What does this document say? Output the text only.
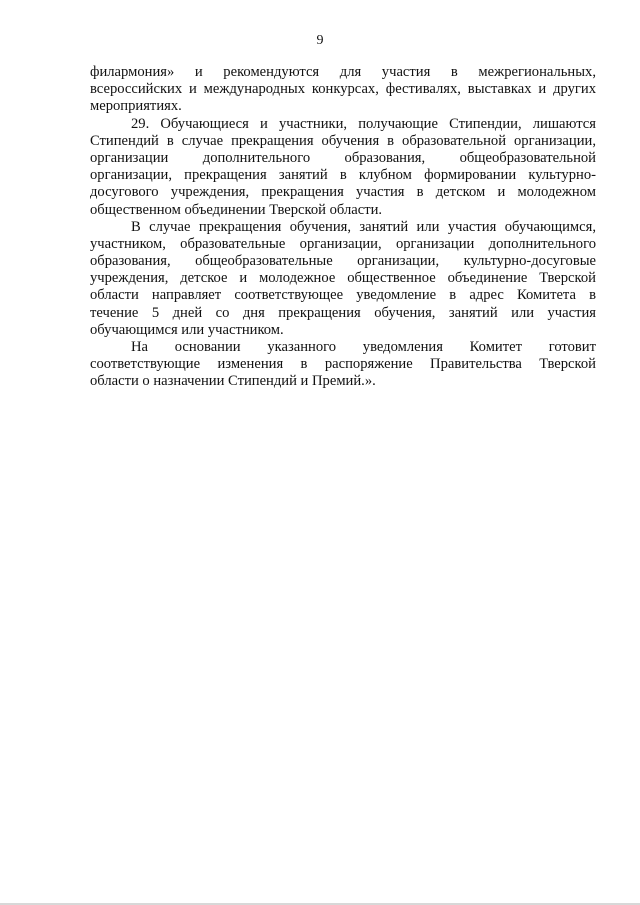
9
филармония» и рекомендуются для участия в межрегиональных,
всероссийских и международных конкурсах, фестивалях, выставках и других
мероприятиях.
29. Обучающиеся и участники, получающие Стипендии, лишаются
Стипендий в случае прекращения обучения в образовательной организации,
организации дополнительного образования, общеобразовательной
организации, прекращения занятий в клубном формировании культурно-
досугового учреждения, прекращения участия в детском и молодежном
общественном объединении Тверской области.
В случае прекращения обучения, занятий или участия обучающимся,
участником, образовательные организации, организации дополнительного
образования, общеобразовательные организации, культурно-досуговые
учреждения, детское и молодежное общественное объединение Тверской
области направляет соответствующее уведомление в адрес Комитета в
течение 5 дней со дня прекращения обучения, занятий или участия
обучающимся или участником.
На основании указанного уведомления Комитет готовит
соответствующие изменения в распоряжение Правительства Тверской
области о назначении Стипендий и Премий.».
